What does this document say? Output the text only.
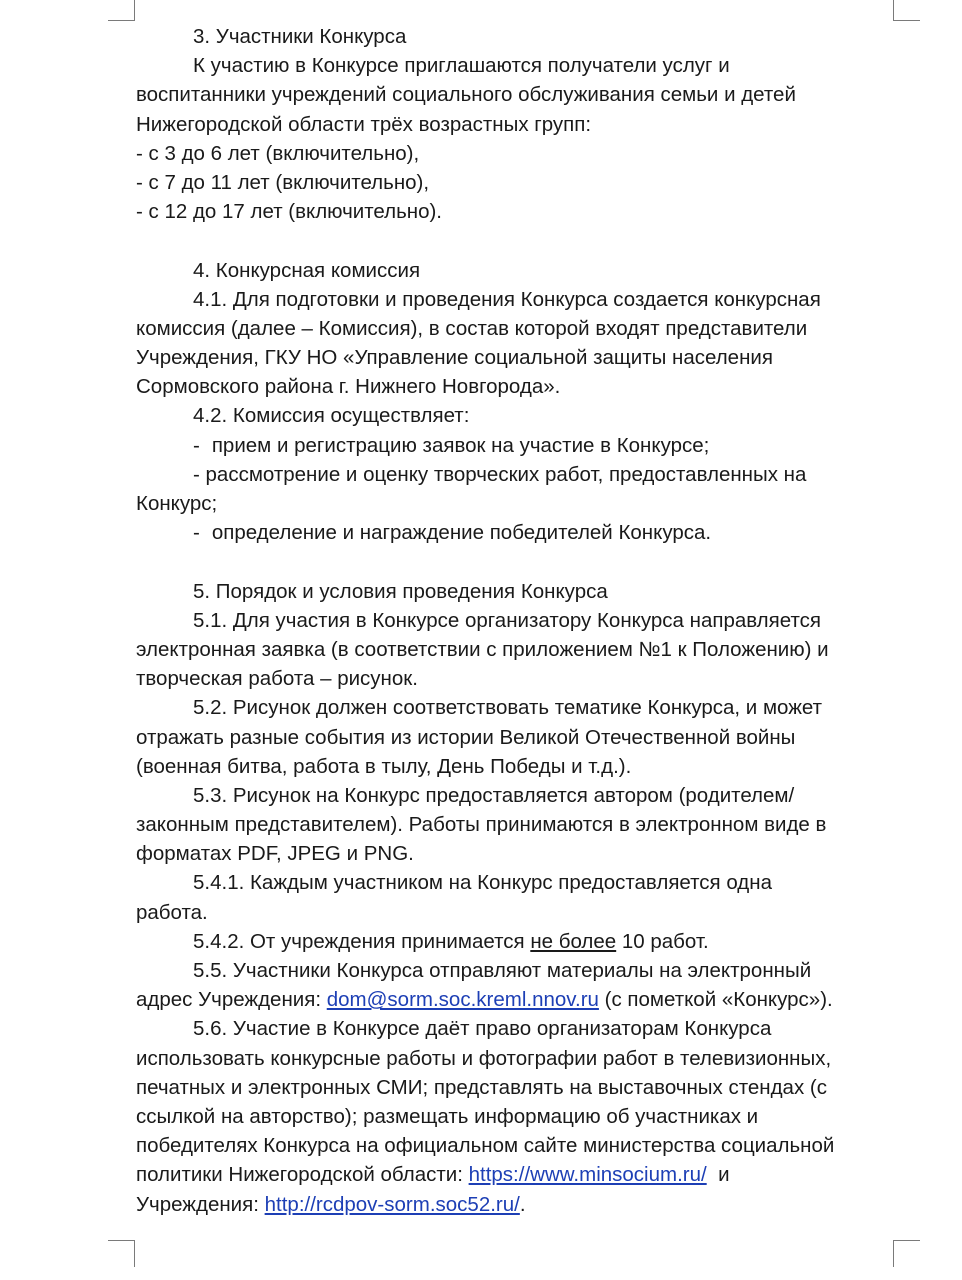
3. Участники Конкурса
К участию в Конкурсе приглашаются получатели услуг и
воспитанники учреждений социального обслуживания семьи и детей
Нижегородской области трёх возрастных групп:
- с 3 до 6 лет (включительно),
- с 7 до 11 лет (включительно),
- с 12 до 17 лет (включительно).
4. Конкурсная комиссия
4.1. Для подготовки и проведения Конкурса создается конкурсная
комиссия (далее – Комиссия), в состав которой входят представители
Учреждения, ГКУ НО «Управление социальной защиты населения
Сормовского района г. Нижнего Новгорода».
4.2. Комиссия осуществляет:
- прием и регистрацию заявок на участие в Конкурсе;
- рассмотрение и оценку творческих работ, предоставленных на
Конкурс;
- определение и награждение победителей Конкурса.
5. Порядок и условия проведения Конкурса
5.1. Для участия в Конкурсе организатору Конкурса направляется
электронная заявка (в соответствии с приложением №1 к Положению) и
творческая работа – рисунок.
5.2. Рисунок должен соответствовать тематике Конкурса, и может
отражать разные события из истории Великой Отечественной войны
(военная битва, работа в тылу, День Победы и т.д.).
5.3. Рисунок на Конкурс предоставляется автором (родителем/
законным представителем). Работы принимаются в электронном виде в
форматах PDF, JPEG и PNG.
5.4.1. Каждым участником на Конкурс предоставляется одна
работа.
5.4.2. От учреждения принимается не более 10 работ.
5.5. Участники Конкурса отправляют материалы на электронный
адрес Учреждения: dom@sorm.soc.kreml.nnov.ru (с пометкой «Конкурс»).
5.6. Участие в Конкурсе даёт право организаторам Конкурса
использовать конкурсные работы и фотографии работ в телевизионных,
печатных и электронных СМИ; представлять на выставочных стендах (с
ссылкой на авторство); размещать информацию об участниках и
победителях Конкурса на официальном сайте министерства социальной
политики Нижегородской области: https://www.minsocium.ru/  и
Учреждения: http://rcdpov-sorm.soc52.ru/.
